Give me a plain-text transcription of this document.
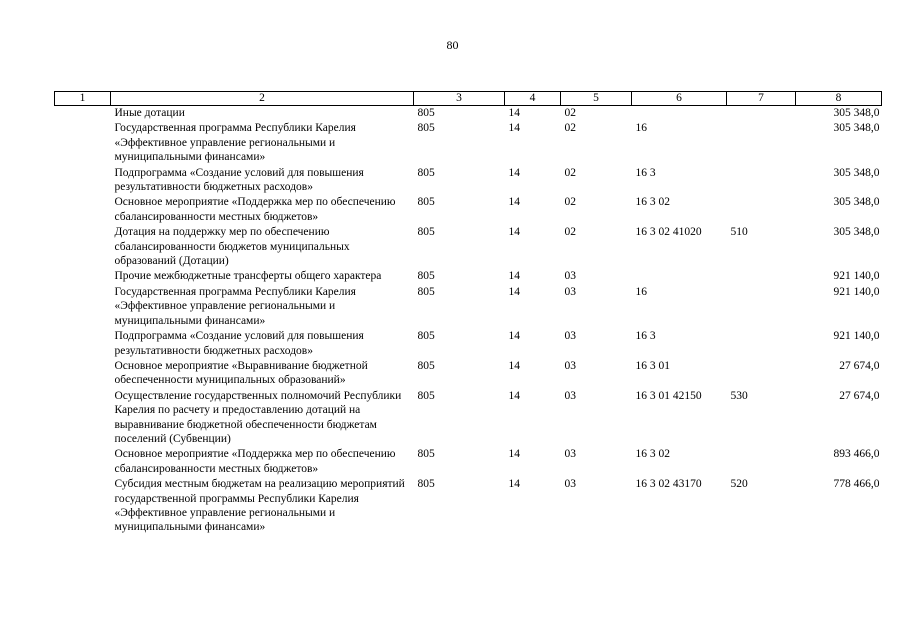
80
1	2	3	4	5	6	7	8
	Иные дотации	805	14	02			305 348,0
	Государственная программа Республики Карелия «Эффективное управление региональными и муниципальными финансами»	805	14	02	16		305 348,0
	Подпрограмма «Создание условий для повышения результативности бюджетных расходов»	805	14	02	16 3		305 348,0
	Основное мероприятие «Поддержка мер по обеспечению сбалансированности местных бюджетов»	805	14	02	16 3 02		305 348,0
	Дотация на поддержку мер по обеспечению сбалансированности бюджетов муниципальных образований (Дотации)	805	14	02	16 3 02 41020	510	305 348,0
	Прочие межбюджетные трансферты общего характера	805	14	03			921 140,0
	Государственная программа Республики Карелия «Эффективное управление региональными и муниципальными финансами»	805	14	03	16		921 140,0
	Подпрограмма «Создание условий для повышения результативности бюджетных расходов»	805	14	03	16 3		921 140,0
	Основное мероприятие «Выравнивание бюджетной обеспеченности муниципальных образований»	805	14	03	16 3 01		27 674,0
	Осуществление государственных полномочий Республики Карелия по расчету и предоставлению дотаций на выравнивание бюджетной обеспеченности бюджетам поселений (Субвенции)	805	14	03	16 3 01 42150	530	27 674,0
	Основное мероприятие «Поддержка мер по обеспечению сбалансированности местных бюджетов»	805	14	03	16 3 02		893 466,0
	Субсидия местным бюджетам на реализацию мероприятий государственной программы Республики Карелия «Эффективное управление региональными и муниципальными финансами»	805	14	03	16 3 02 43170	520	778 466,0
